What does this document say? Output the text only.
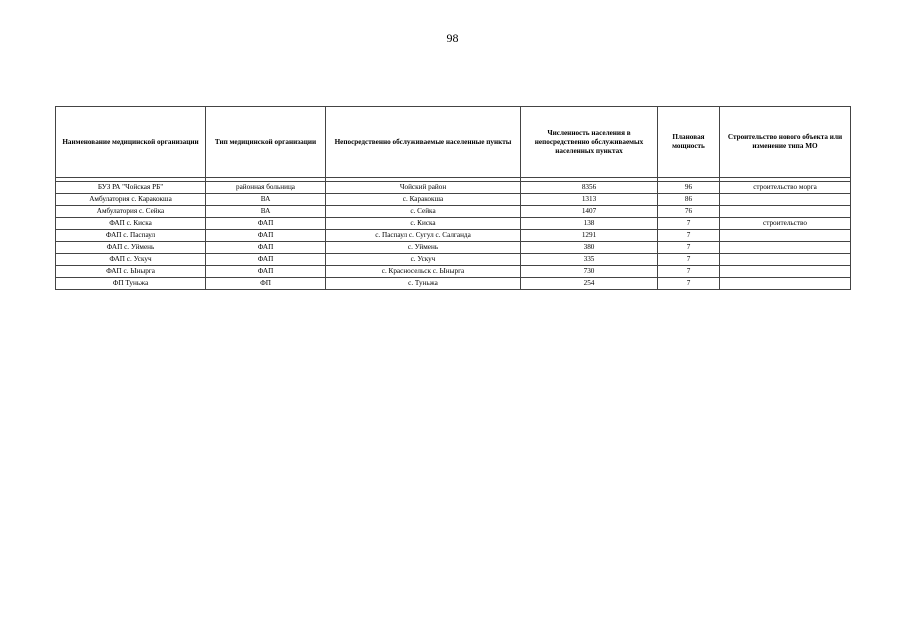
98
Наименование медицинской организации	Тип медицинской организации	Непосредственно обслуживаемые населенные пункты	Численность населения в непосредственно обслуживаемых населенных пунктах	Плановая мощность	Строительство нового объекта или изменение типа МО

БУЗ РА "Чойская РБ"	районная больница	Чойский район	8356	96	строительство морга
Амбулатория с. Каракокша	ВА	с. Каракокша	1313	86	
Амбулатория с. Сейка	ВА	с. Сейка	1407	76	
ФАП с. Киска	ФАП	с. Киска	138	7	строительство
ФАП с. Паспаул	ФАП	с. Паспаул с. Сугул с. Салганда	1291	7	
ФАП с. Уймень	ФАП	с. Уймень	380	7	
ФАП с. Ускуч	ФАП	с. Ускуч	335	7	
ФАП с. Ынырга	ФАП	с. Красносельск с. Ынырга	730	7	
ФП Туньжа	ФП	с. Туньжа	254	7	
